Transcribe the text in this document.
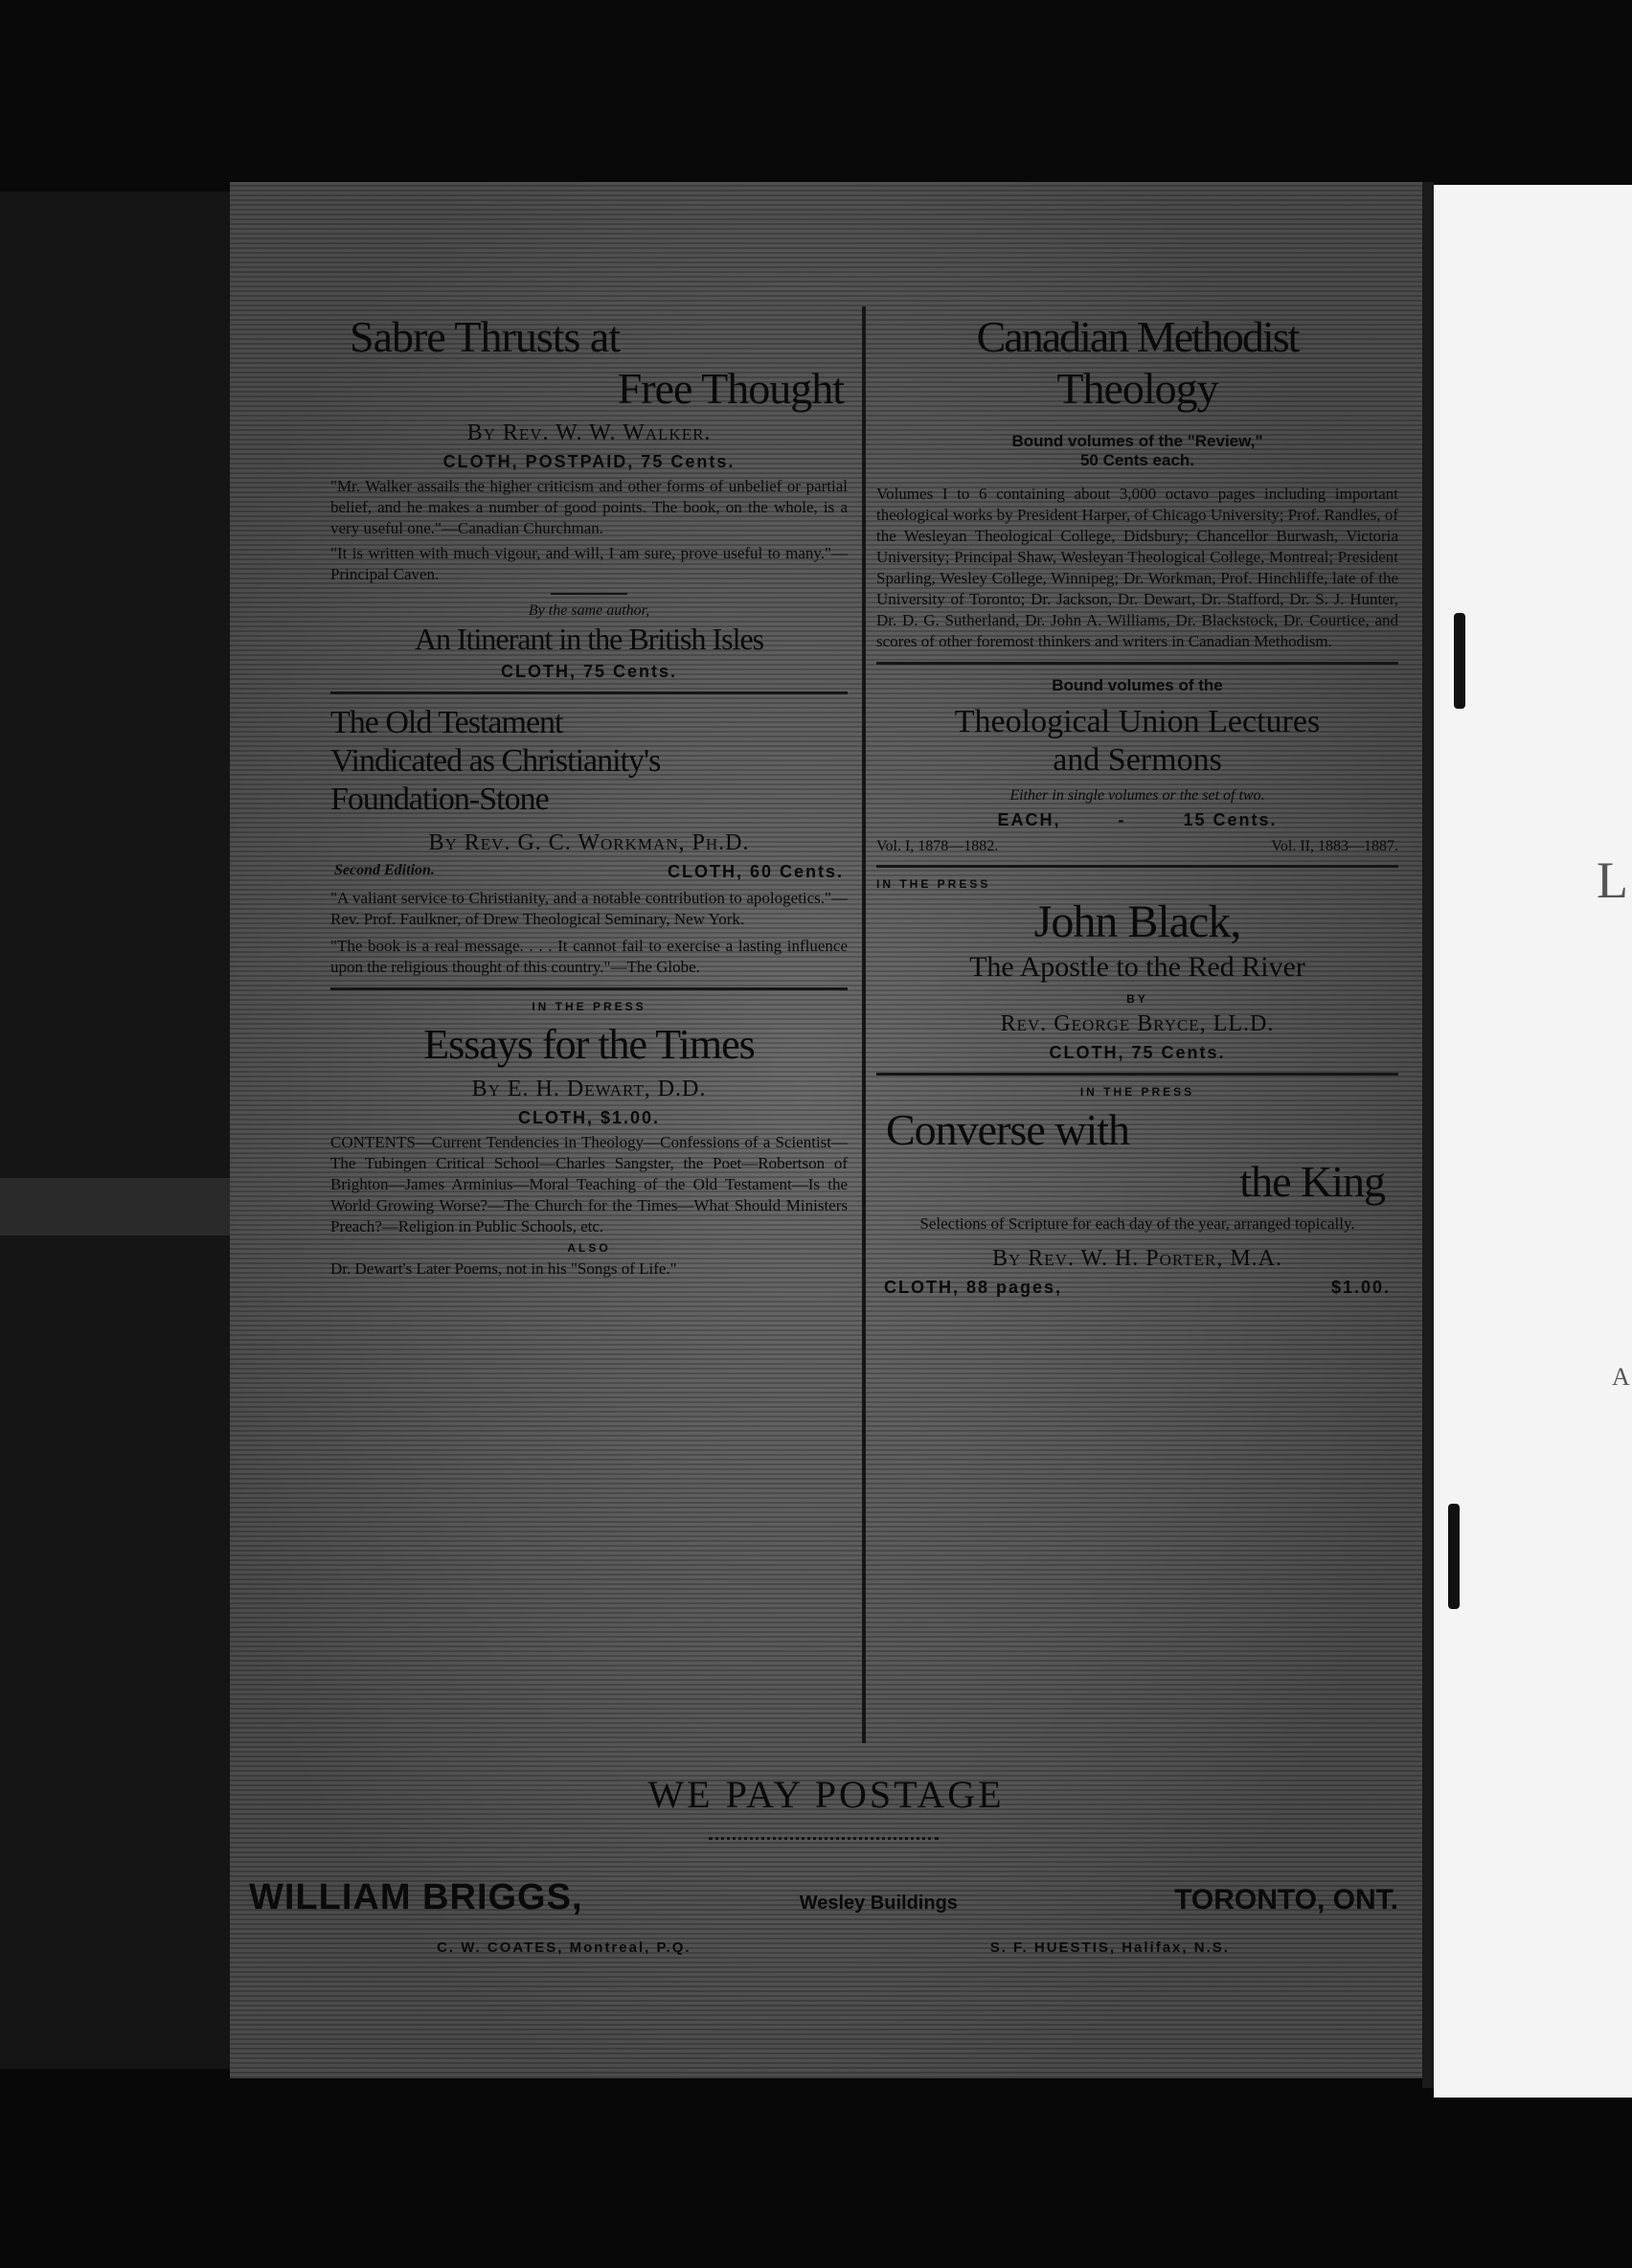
Sabre Thrusts at
Free Thought
By Rev. W. W. Walker.
CLOTH, POSTPAID, 75 Cents.
"Mr. Walker assails the higher criticism and other forms of unbelief or partial belief, and he makes a number of good points. The book, on the whole, is a very useful one."—Canadian Churchman.
"It is written with much vigour, and will, I am sure, prove useful to many."—Principal Caven.
By the same author,
An Itinerant in the British Isles
CLOTH, 75 Cents.
The Old Testament
Vindicated as Christianity's
Foundation-Stone
By Rev. G. C. Workman, Ph.D.
Second Edition.	CLOTH, 60 Cents.
"A valiant service to Christianity, and a notable contribution to apologetics."—Rev. Prof. Faulkner, of Drew Theological Seminary, New York.
"The book is a real message. . . . It cannot fail to exercise a lasting influence upon the religious thought of this country."—The Globe.
IN THE PRESS
Essays for the Times
By E. H. Dewart, D.D.
CLOTH, $1.00.
CONTENTS—Current Tendencies in Theology—Confessions of a Scientist—The Tubingen Critical School—Charles Sangster, the Poet—Robertson of Brighton—James Arminius—Moral Teaching of the Old Testament—Is the World Growing Worse?—The Church for the Times—What Should Ministers Preach?—Religion in Public Schools, etc.
ALSO
Dr. Dewart's Later Poems, not in his "Songs of Life."
Canadian Methodist
Theology
Bound volumes of the "Review,"
50 Cents each.
Volumes I to 6 containing about 3,000 octavo pages including important theological works by President Harper, of Chicago University; Prof. Randles, of the Wesleyan Theological College, Didsbury; Chancellor Burwash, Victoria University; Principal Shaw, Wesleyan Theological College, Montreal; President Sparling, Wesley College, Winnipeg; Dr. Workman, Prof. Hinchliffe, late of the University of Toronto; Dr. Jackson, Dr. Dewart, Dr. Stafford, Dr. S. J. Hunter, Dr. D. G. Sutherland, Dr. John A. Williams, Dr. Blackstock, Dr. Courtice, and scores of other foremost thinkers and writers in Canadian Methodism.
Bound volumes of the
Theological Union Lectures
and Sermons
Either in single volumes or the set of two.
EACH,	-	15 Cents.
Vol. I, 1878—1882.	Vol. II, 1883—1887.
IN THE PRESS
John Black,
The Apostle to the Red River
BY
Rev. George Bryce, LL.D.
CLOTH, 75 Cents.
IN THE PRESS
Converse with
the King
Selections of Scripture for each day of the year, arranged topically.
By Rev. W. H. Porter, M.A.
CLOTH, 88 pages,	$1.00.
WE PAY POSTAGE
WILLIAM BRIGGS,	Wesley Buildings	TORONTO, ONT.
C. W. COATES, Montreal, P.Q.	S. F. HUESTIS, Halifax, N.S.
L
A
